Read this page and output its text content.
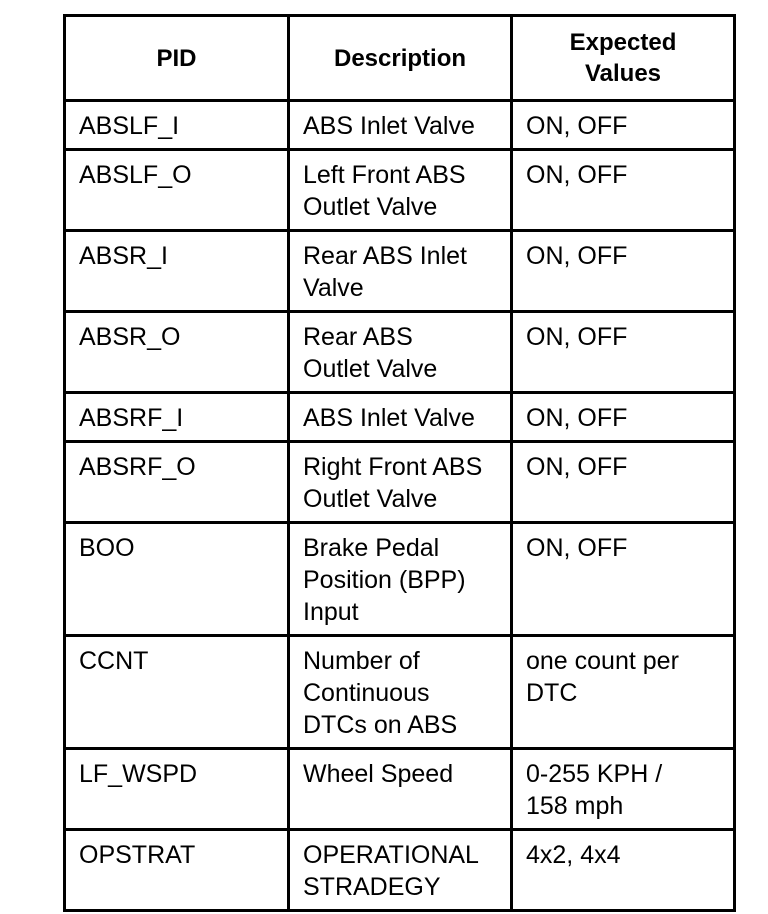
PID	Description	Expected
Values

ABSLF_I	ABS Inlet Valve	ON, OFF

ABSLF_O	Left Front ABS
Outlet Valve	ON, OFF

ABSR_I	Rear ABS Inlet
Valve	ON, OFF

ABSR_O	Rear ABS
Outlet Valve	ON, OFF

ABSRF_I	ABS Inlet Valve	ON, OFF

ABSRF_O	Right Front ABS
Outlet Valve	ON, OFF

BOO	Brake Pedal
Position (BPP)
Input	ON, OFF

CCNT	Number of
Continuous
DTCs on ABS	one count per
DTC

LF_WSPD	Wheel Speed	0-255 KPH /
158 mph

OPSTRAT	OPERATIONAL
STRADEGY	4x2, 4x4
